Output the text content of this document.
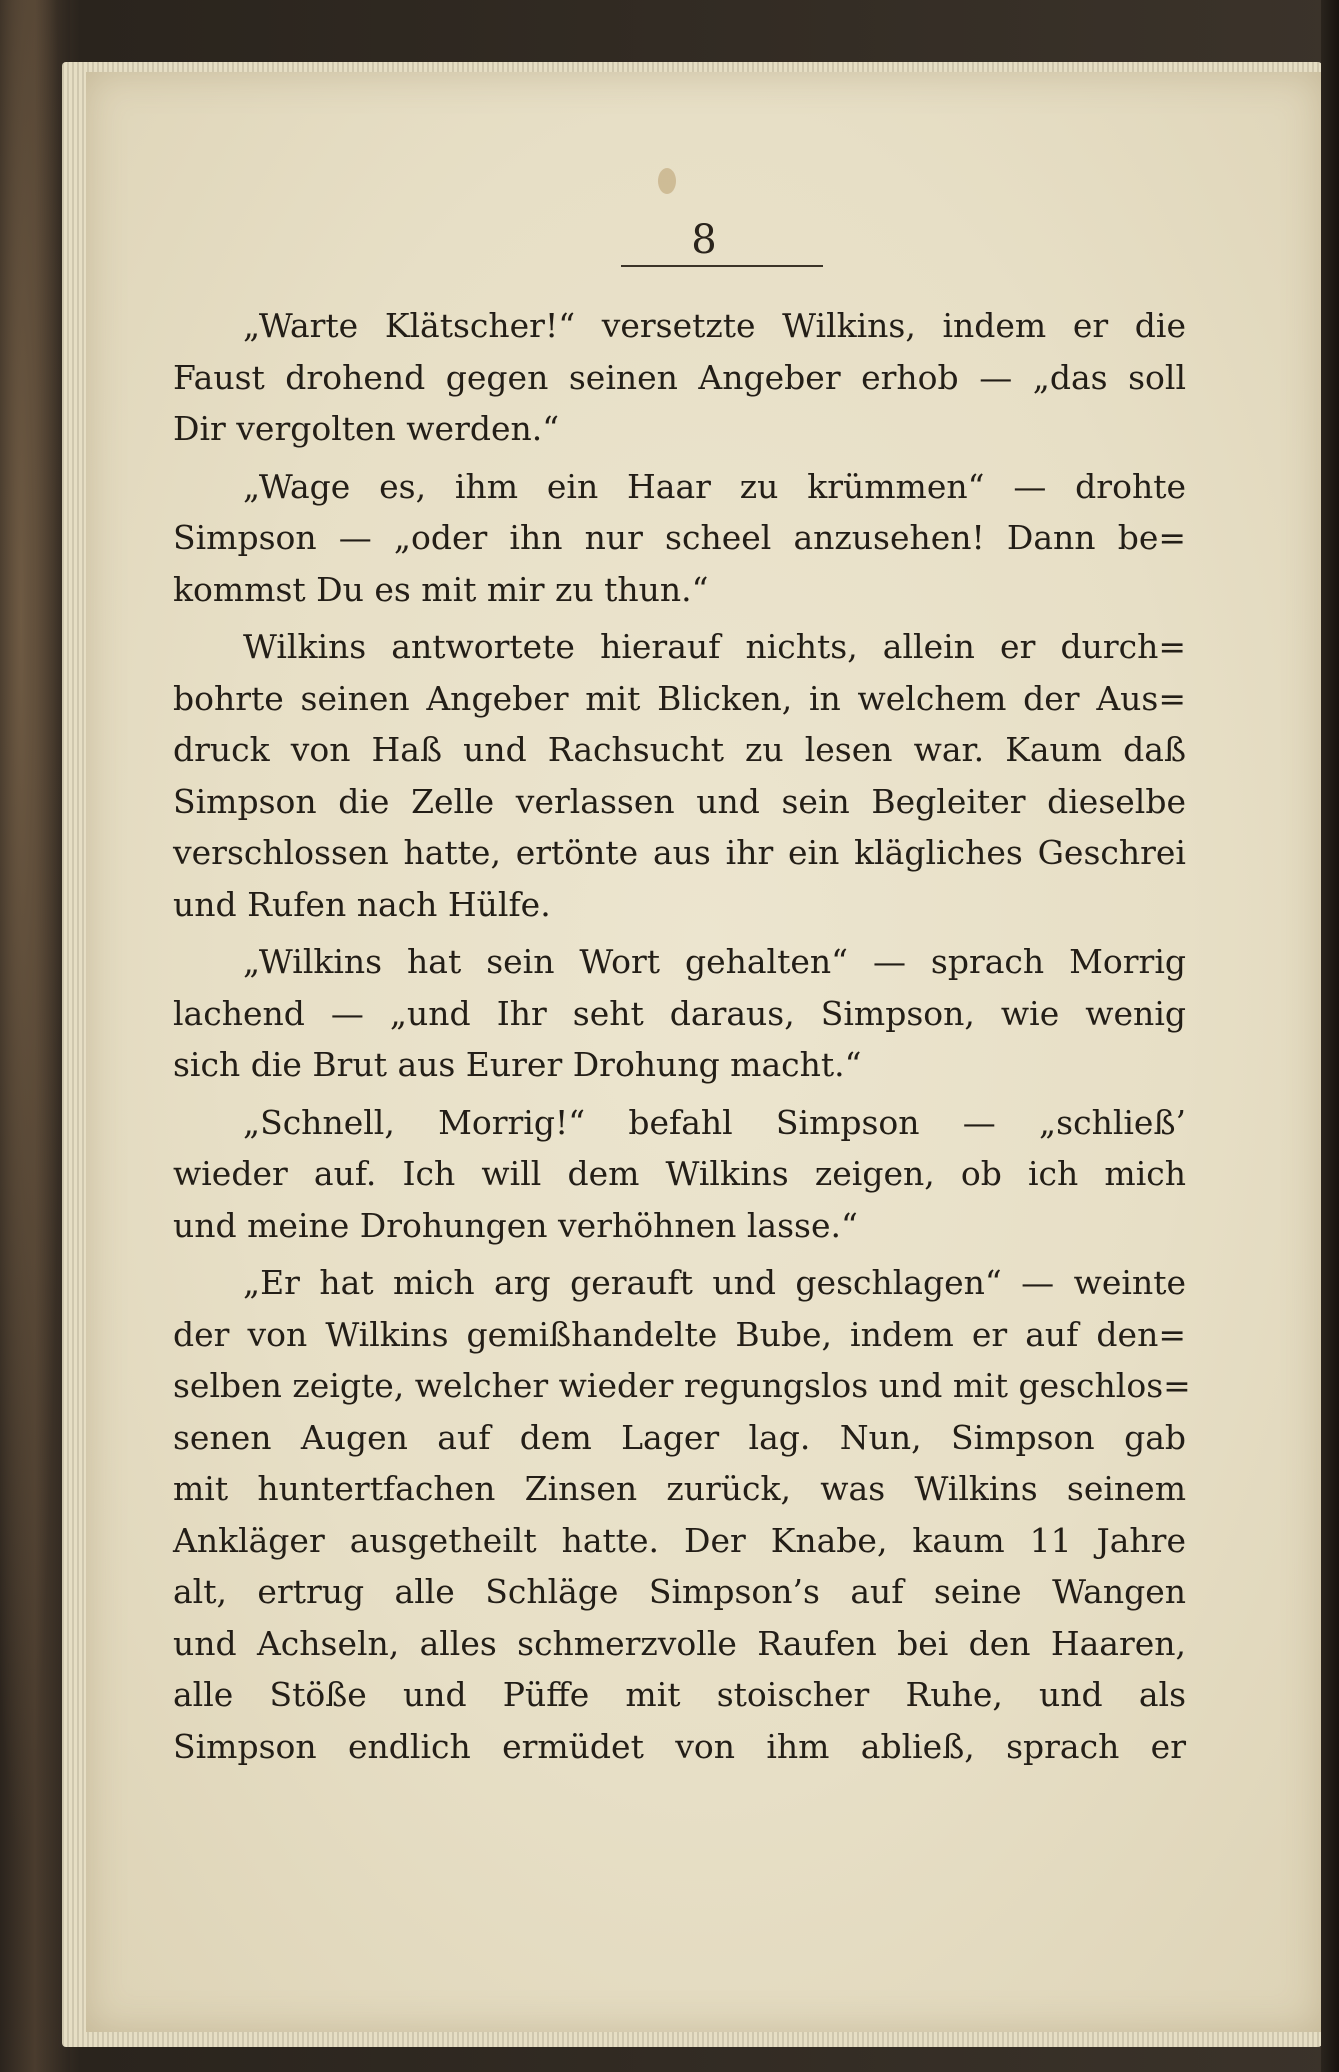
8

„Warte Klätscher!“ versetzte Wilkins, indem er die
Faust drohend gegen seinen Angeber erhob — „das soll
Dir vergolten werden.“

„Wage es, ihm ein Haar zu krümmen“ — drohte
Simpson — „oder ihn nur scheel anzusehen! Dann be=
kommst Du es mit mir zu thun.“

Wilkins antwortete hierauf nichts, allein er durch=
bohrte seinen Angeber mit Blicken, in welchem der Aus=
druck von Haß und Rachsucht zu lesen war. Kaum daß
Simpson die Zelle verlassen und sein Begleiter dieselbe
verschlossen hatte, ertönte aus ihr ein klägliches Geschrei
und Rufen nach Hülfe.

„Wilkins hat sein Wort gehalten“ — sprach Morrig
lachend — „und Ihr seht daraus, Simpson, wie wenig
sich die Brut aus Eurer Drohung macht.“

„Schnell, Morrig!“ befahl Simpson — „schließ’
wieder auf. Ich will dem Wilkins zeigen, ob ich mich
und meine Drohungen verhöhnen lasse.“

„Er hat mich arg gerauft und geschlagen“ — weinte
der von Wilkins gemißhandelte Bube, indem er auf den=
selben zeigte, welcher wieder regungslos und mit geschlos=
senen Augen auf dem Lager lag. Nun, Simpson gab
mit huntertfachen Zinsen zurück, was Wilkins seinem
Ankläger ausgetheilt hatte. Der Knabe, kaum 11 Jahre
alt, ertrug alle Schläge Simpson’s auf seine Wangen
und Achseln, alles schmerzvolle Raufen bei den Haaren,
alle Stöße und Püffe mit stoischer Ruhe, und als
Simpson endlich ermüdet von ihm abließ, sprach er
